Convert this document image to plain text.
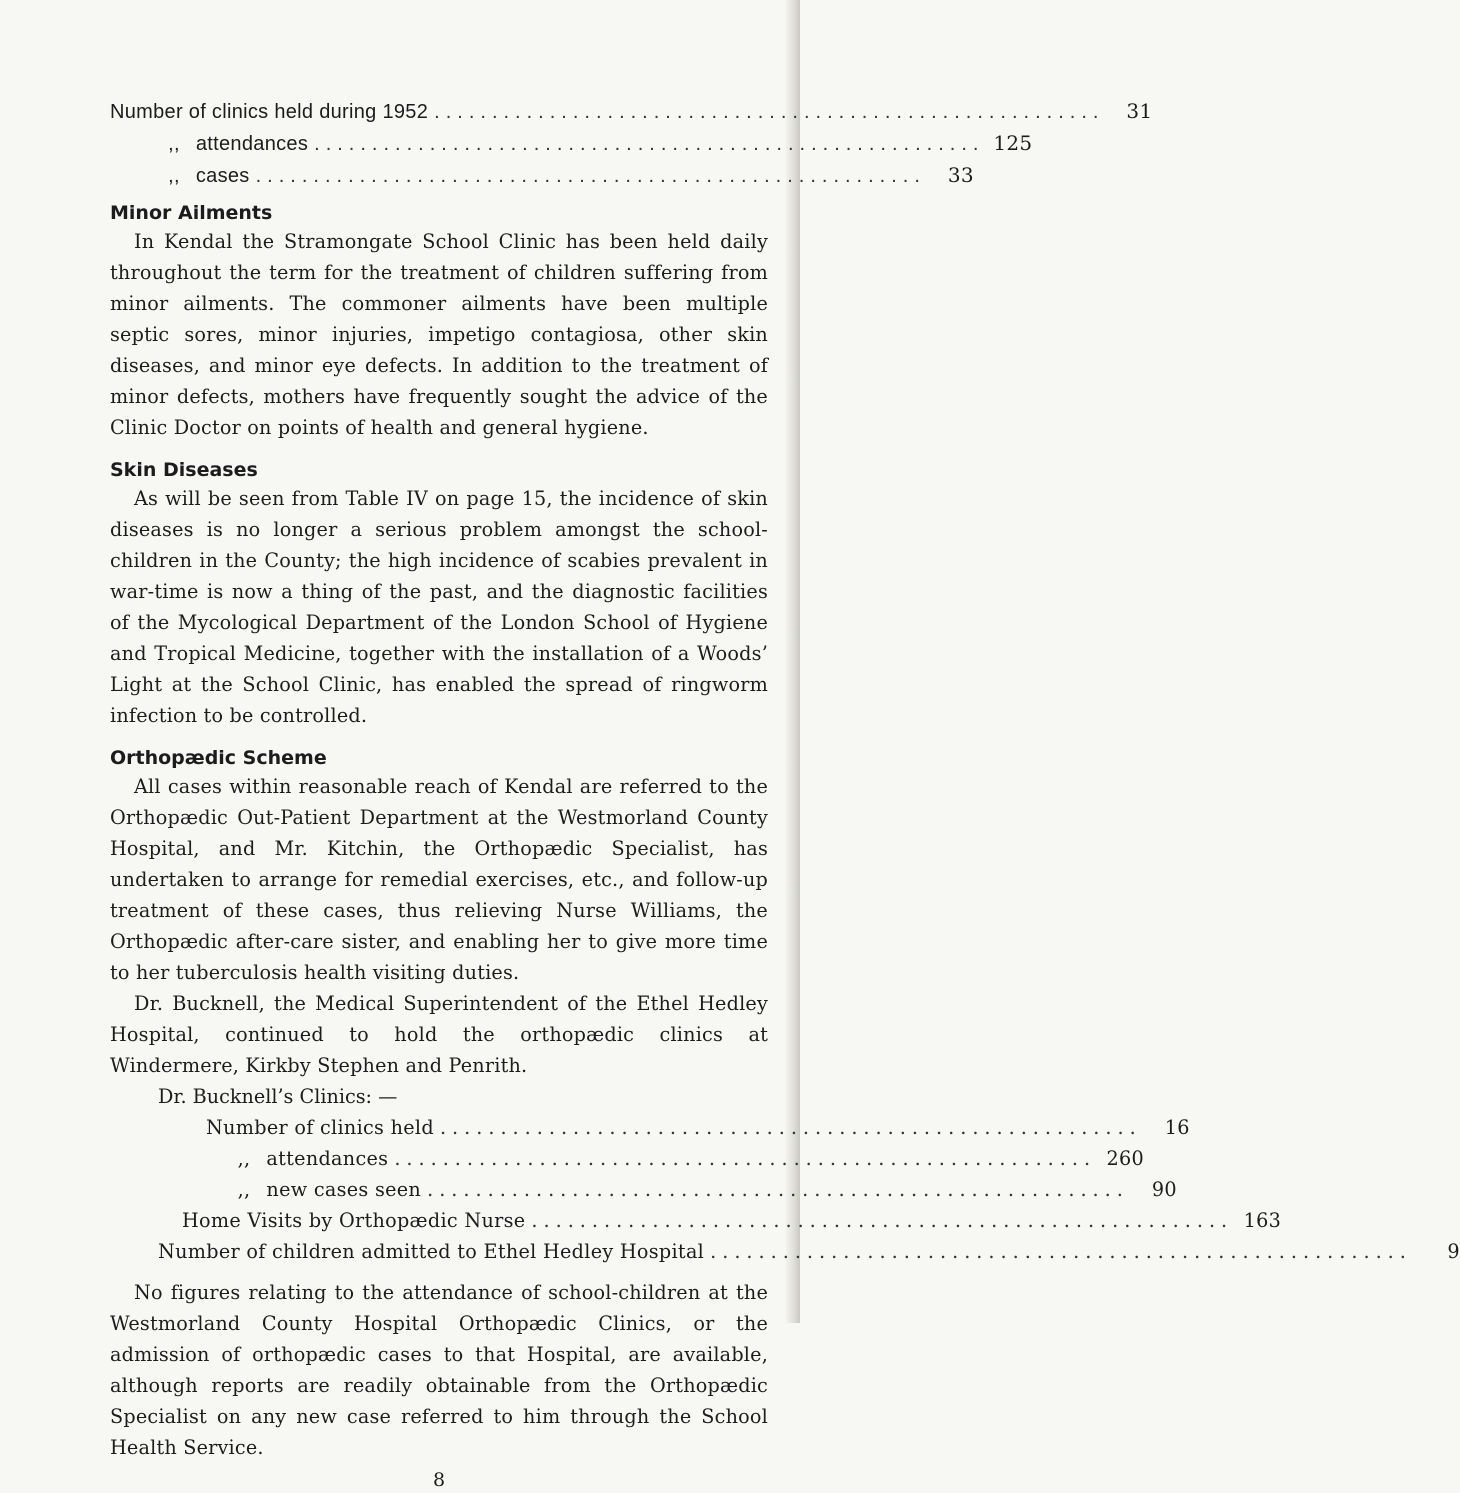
Number of clinics held during 1952 ..........................................................	31
,, attendances .......................................................... 125
,, cases ..........................................................	33
Minor Ailments

In Kendal the Stramongate School Clinic has been held daily throughout the term for the treatment of children suffering from minor ailments. The commoner ailments have been multiple septic sores, minor injuries, impetigo contagiosa, other skin diseases, and minor eye defects. In addition to the treatment of minor defects, mothers have frequently sought the advice of the Clinic Doctor on points of health and general hygiene.

Skin Diseases

As will be seen from Table IV on page 15, the incidence of skin diseases is no longer a serious problem amongst the school-children in the County; the high incidence of scabies prevalent in war-time is now a thing of the past, and the diagnostic facilities of the Mycological Department of the London School of Hygiene and Tropical Medicine, together with the installation of a Woods’ Light at the School Clinic, has enabled the spread of ringworm infection to be controlled.

Orthopædic Scheme

All cases within reasonable reach of Kendal are referred to the Orthopædic Out-Patient Department at the Westmorland County Hospital, and Mr. Kitchin, the Orthopædic Specialist, has undertaken to arrange for remedial exercises, etc., and follow-up treatment of these cases, thus relieving Nurse Williams, the Orthopædic after-care sister, and enabling her to give more time to her tuberculosis health visiting duties.

Dr. Bucknell, the Medical Superintendent of the Ethel Hedley Hospital, continued to hold the orthopædic clinics at Windermere, Kirkby Stephen and Penrith.

Dr. Bucknell’s Clinics: —
Number of clinics held ..........................................................	16
,, attendances .......................................................... 260
,, new cases seen ..........................................................	90
Home Visits by Orthopædic Nurse .......................................................... 163
Number of children admitted to Ethel Hedley Hospital ..........................................................	9

No figures relating to the attendance of school-children at the Westmorland County Hospital Orthopædic Clinics, or the admission of orthopædic cases to that Hospital, are available, although reports are readily obtainable from the Orthopædic Specialist on any new case referred to him through the School Health Service.

8
